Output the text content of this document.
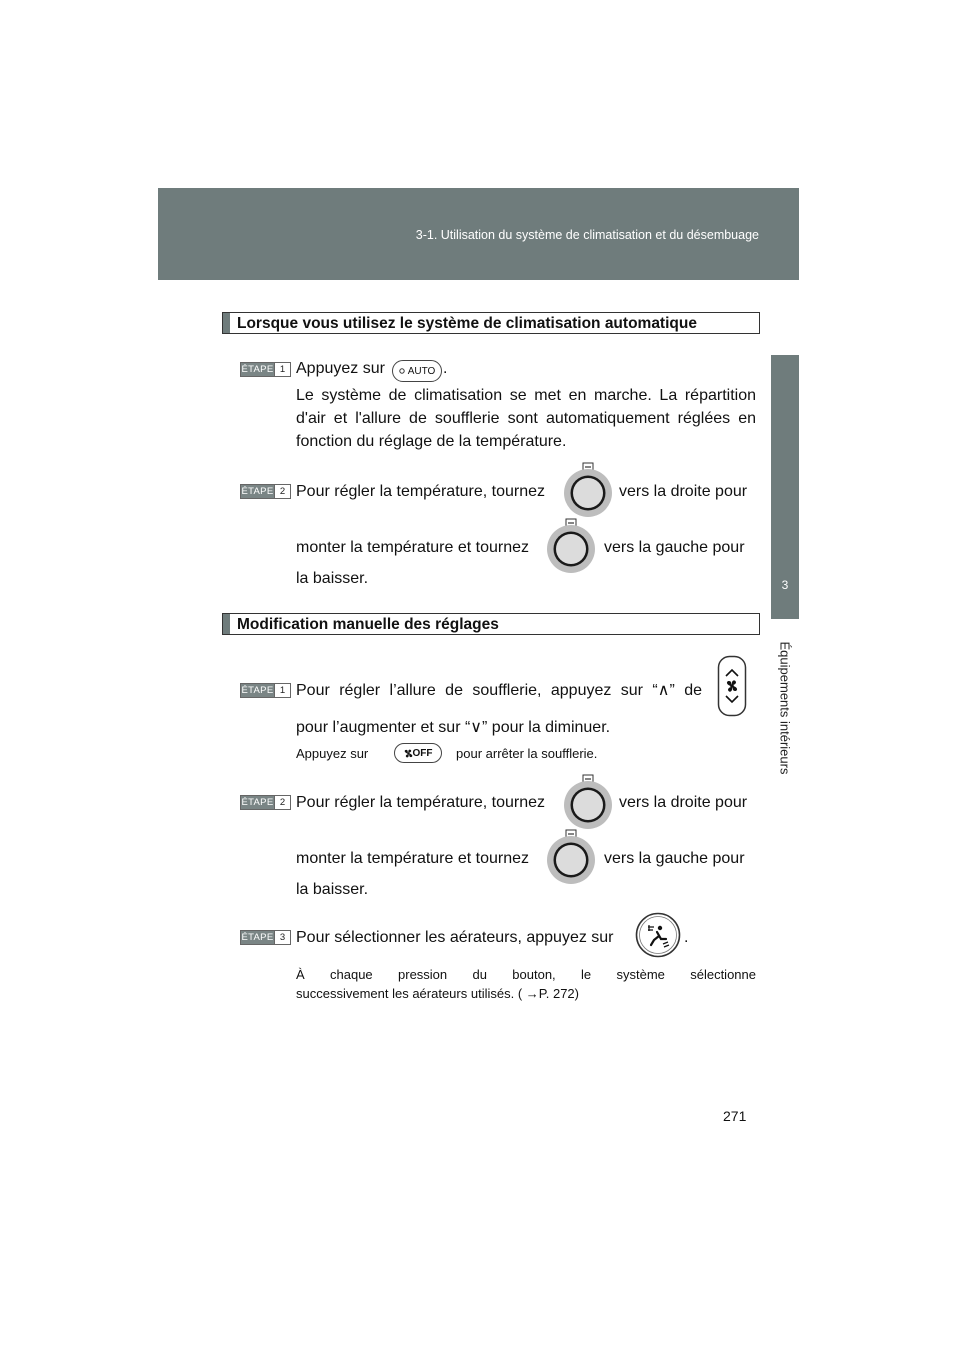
3-1. Utilisation du système de climatisation et du désembuage
3
Équipements intérieurs
Lorsque vous utilisez le système de climatisation automatique
ÉTAPE 1 Appuyez sur AUTO .
Le système de climatisation se met en marche. La répartition
d'air et l'allure de soufflerie sont automatiquement réglées en
fonction du réglage de la température.
ÉTAPE 2 Pour régler la température, tournez	vers la droite pour
monter la température et tournez	vers la gauche pour
la baisser.
Modification manuelle des réglages
ÉTAPE 1 Pour régler l’allure de soufflerie, appuyez sur “∧” de
pour l’augmenter et sur “∨” pour la diminuer.
Appuyez sur	OFF pour arrêter la soufflerie.
ÉTAPE 2 Pour régler la température, tournez	vers la droite pour
monter la température et tournez	vers la gauche pour
la baisser.
ÉTAPE 3 Pour sélectionner les aérateurs, appuyez sur	.
À chaque pression du bouton, le système sélectionne
successivement les aérateurs utilisés. ( →P. 272)
271
